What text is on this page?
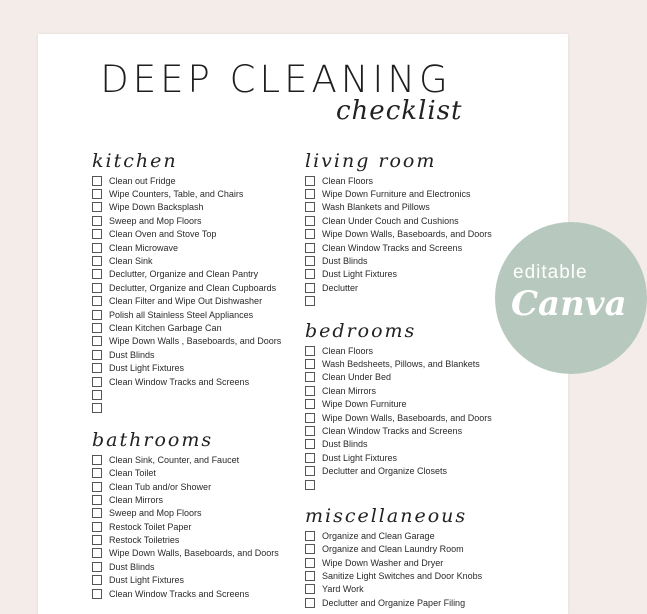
DEEP CLEANING
checklist
kitchen
Clean out Fridge
Wipe Counters, Table, and Chairs
Wipe Down Backsplash
Sweep and Mop Floors
Clean Oven and Stove Top
Clean Microwave
Clean Sink
Declutter, Organize and Clean Pantry
Declutter, Organize and Clean Cupboards
Clean Filter and Wipe Out Dishwasher
Polish all Stainless Steel Appliances
Clean Kitchen Garbage Can
Wipe Down Walls , Baseboards, and Doors
Dust Blinds
Dust Light Fixtures
Clean Window Tracks and Screens
bathrooms
Clean Sink, Counter, and Faucet
Clean Toilet
Clean Tub and/or Shower
Clean Mirrors
Sweep and Mop Floors
Restock Toilet Paper
Restock Toiletries
Wipe Down Walls, Baseboards, and Doors
Dust Blinds
Dust Light Fixtures
Clean Window Tracks and Screens
living room
Clean Floors
Wipe Down Furniture and Electronics
Wash Blankets and Pillows
Clean Under Couch and Cushions
Wipe Down Walls, Baseboards, and Doors
Clean Window Tracks and Screens
Dust Blinds
Dust Light Fixtures
Declutter
bedrooms
Clean Floors
Wash Bedsheets, Pillows, and Blankets
Clean Under Bed
Clean Mirrors
Wipe Down Furniture
Wipe Down Walls, Baseboards, and Doors
Clean Window Tracks and Screens
Dust Blinds
Dust Light Fixtures
Declutter and Organize Closets
miscellaneous
Organize and Clean Garage
Organize and Clean Laundry Room
Wipe Down Washer and Dryer
Sanitize Light Switches and Door Knobs
Yard Work
Declutter and Organize Paper Filing
editable
Canva
